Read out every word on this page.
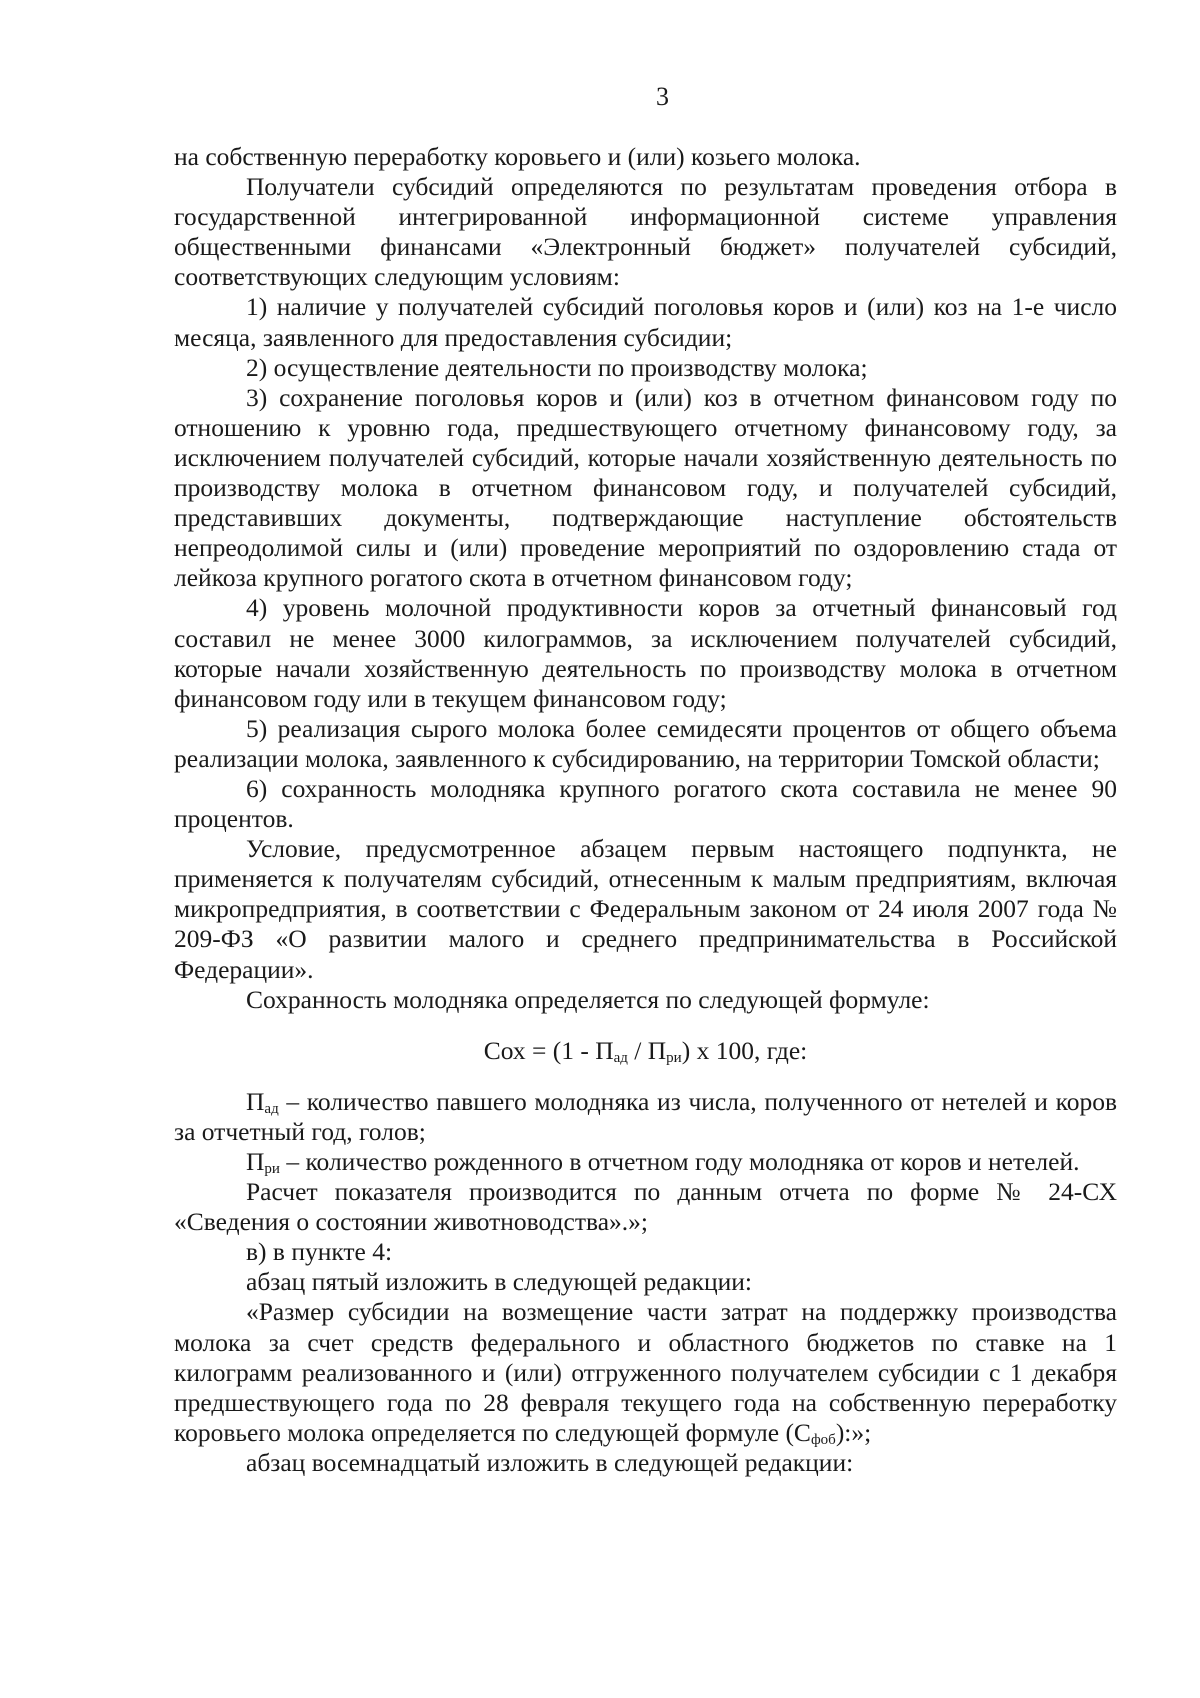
3

на собственную переработку коровьего и (или) козьего молока.

Получатели субсидий определяются по результатам проведения отбора в государственной интегрированной информационной системе управления общественными финансами «Электронный бюджет» получателей субсидий, соответствующих следующим условиям:

1) наличие у получателей субсидий поголовья коров и (или) коз на 1-е число месяца, заявленного для предоставления субсидии;

2) осуществление деятельности по производству молока;

3) сохранение поголовья коров и (или) коз в отчетном финансовом году по отношению к уровню года, предшествующего отчетному финансовому году, за исключением получателей субсидий, которые начали хозяйственную деятельность по производству молока в отчетном финансовом году, и получателей субсидий, представивших документы, подтверждающие наступление обстоятельств непреодолимой силы и (или) проведение мероприятий по оздоровлению стада от лейкоза крупного рогатого скота в отчетном финансовом году;

4) уровень молочной продуктивности коров за отчетный финансовый год составил не менее 3000 килограммов, за исключением получателей субсидий, которые начали хозяйственную деятельность по производству молока в отчетном финансовом году или в текущем финансовом году;

5) реализация сырого молока более семидесяти процентов от общего объема реализации молока, заявленного к субсидированию, на территории Томской области;

6) сохранность молодняка крупного рогатого скота составила не менее 90 процентов.

Условие, предусмотренное абзацем первым настоящего подпункта, не применяется к получателям субсидий, отнесенным к малым предприятиям, включая микропредприятия, в соответствии с Федеральным законом от 24 июля 2007 года № 209-ФЗ «О развитии малого и среднего предпринимательства в Российской Федерации».

Сохранность молодняка определяется по следующей формуле:

Сох = $(1 - П_{ад} / П_{ри})$ х 100, где:

$П_{ад}$ – количество павшего молодняка из числа, полученного от нетелей и коров за отчетный год, голов;

$П_{ри}$ – количество рожденного в отчетном году молодняка от коров и нетелей.

Расчет показателя производится по данным отчета по форме № 24-СХ «Сведения о состоянии животноводства».»;

в) в пункте 4:

абзац пятый изложить в следующей редакции:

«Размер субсидии на возмещение части затрат на поддержку производства молока за счет средств федерального и областного бюджетов по ставке на 1 килограмм реализованного и (или) отгруженного получателем субсидии с 1 декабря предшествующего года по 28 февраля текущего года на собственную переработку коровьего молока определяется по следующей формуле $(С_{фоб})$:»;

абзац восемнадцатый изложить в следующей редакции:
